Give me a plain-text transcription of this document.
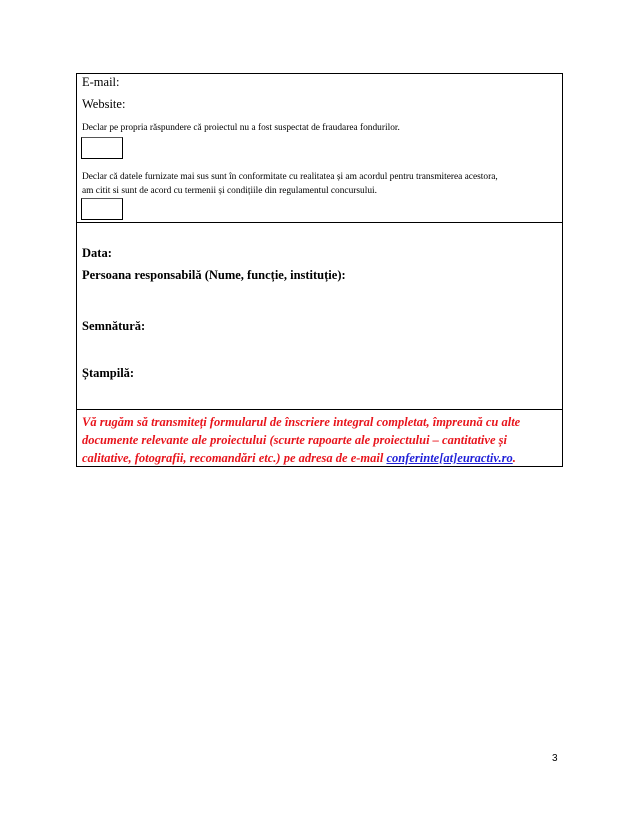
E-mail:
Website:
Declar pe propria răspundere că proiectul nu a fost suspectat de fraudarea fondurilor.
Declar că datele furnizate mai sus sunt în conformitate cu realitatea și am acordul pentru transmiterea acestora,
am citit si sunt de acord cu termenii și condițiile din regulamentul concursului.
Data:
Persoana responsabilă (Nume, funcție, instituție):
Semnătură:
Ștampilă:
Vă rugăm să transmiteți formularul de înscriere integral completat, împreună cu alte
documente relevante ale proiectului (scurte rapoarte ale proiectului – cantitative și
calitative, fotografii, recomandări etc.) pe adresa de e-mail conferinte[at]euractiv.ro.
3
